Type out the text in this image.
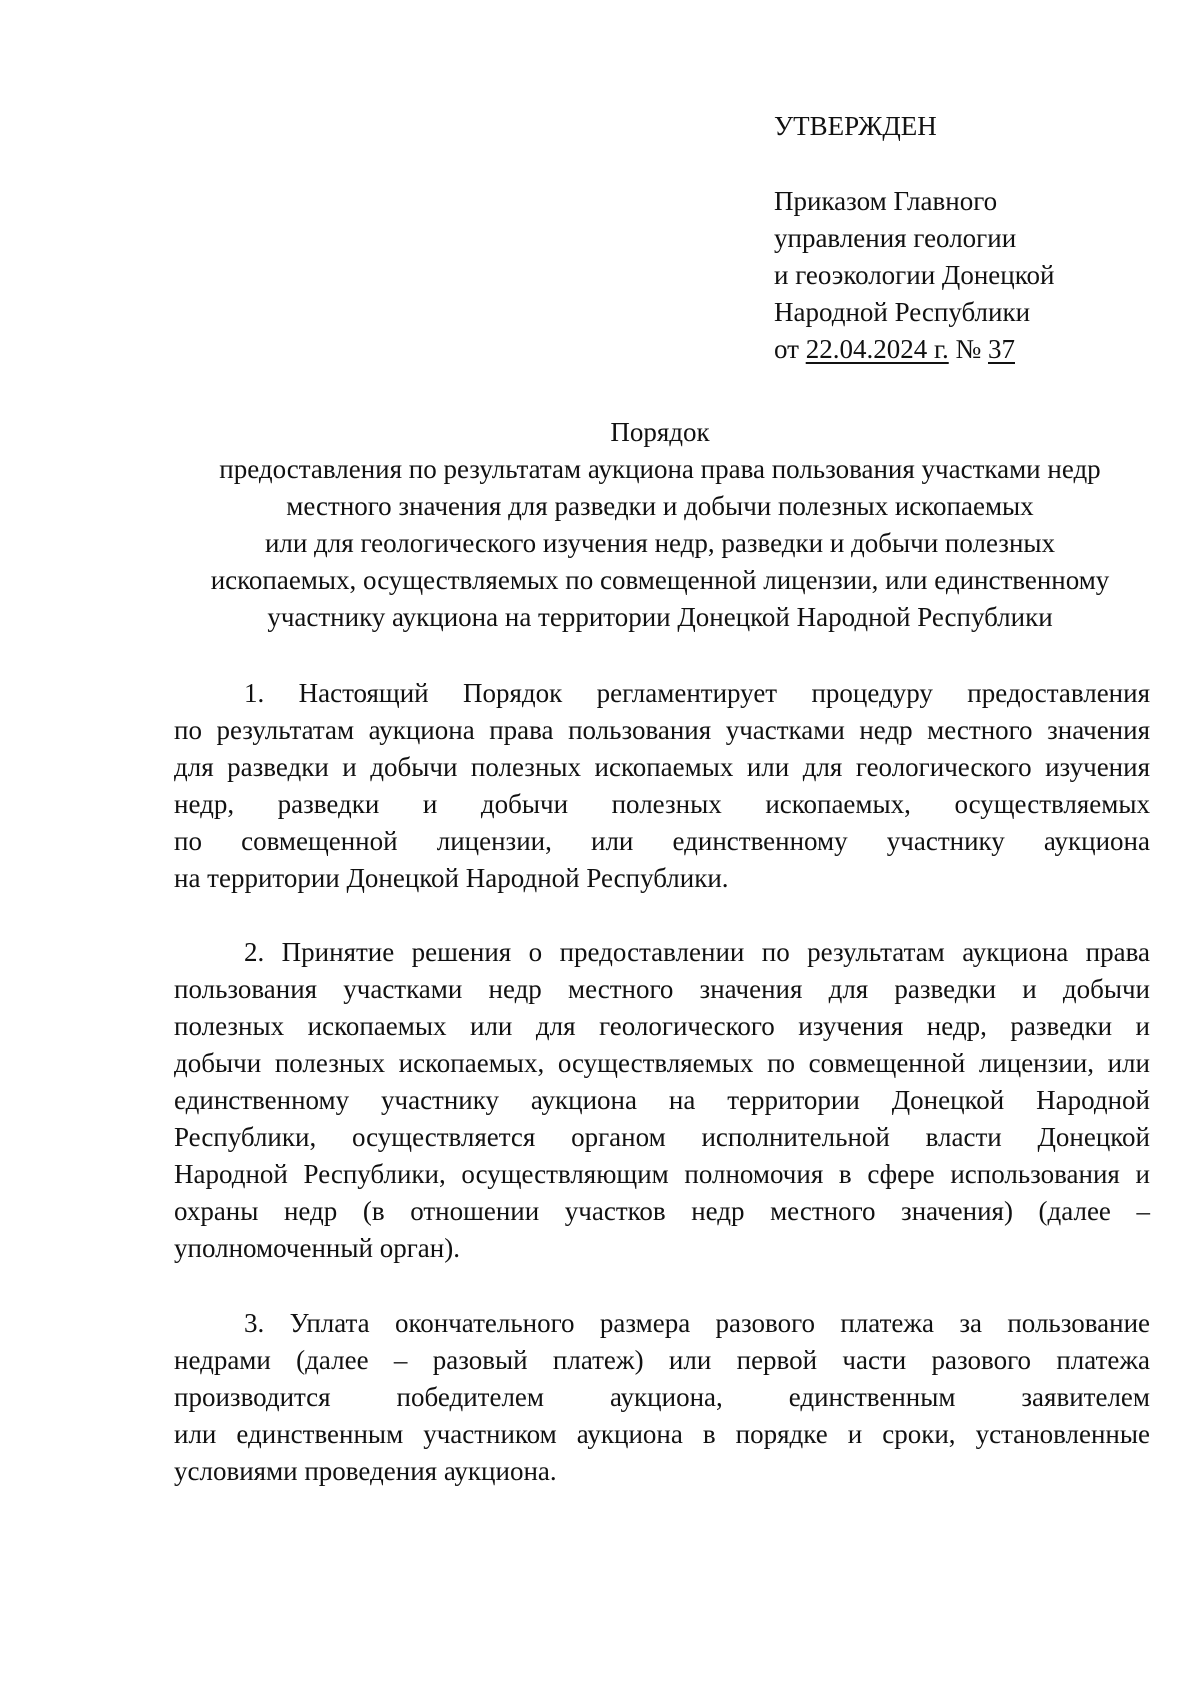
УТВЕРЖДЕН
Приказом Главного
управления геологии
и геоэкологии Донецкой
Народной Республики
от 22.04.2024 г. № 37
Порядок
предоставления по результатам аукциона права пользования участками недр
местного значения для разведки и добычи полезных ископаемых
или для геологического изучения недр, разведки и добычи полезных
ископаемых, осуществляемых по совмещенной лицензии, или единственному
участнику аукциона на территории Донецкой Народной Республики
1. Настоящий Порядок регламентирует процедуру предоставления
по результатам аукциона права пользования участками недр местного значения
для разведки и добычи полезных ископаемых или для геологического изучения
недр, разведки и добычи полезных ископаемых, осуществляемых
по совмещенной лицензии, или единственному участнику аукциона
на территории Донецкой Народной Республики.
2. Принятие решения о предоставлении по результатам аукциона права
пользования участками недр местного значения для разведки и добычи
полезных ископаемых или для геологического изучения недр, разведки и
добычи полезных ископаемых, осуществляемых по совмещенной лицензии, или
единственному участнику аукциона на территории Донецкой Народной
Республики, осуществляется органом исполнительной власти Донецкой
Народной Республики, осуществляющим полномочия в сфере использования и
охраны недр (в отношении участков недр местного значения) (далее –
уполномоченный орган).
3. Уплата окончательного размера разового платежа за пользование
недрами (далее – разовый платеж) или первой части разового платежа
производится победителем аукциона, единственным заявителем
или единственным участником аукциона в порядке и сроки, установленные
условиями проведения аукциона.
